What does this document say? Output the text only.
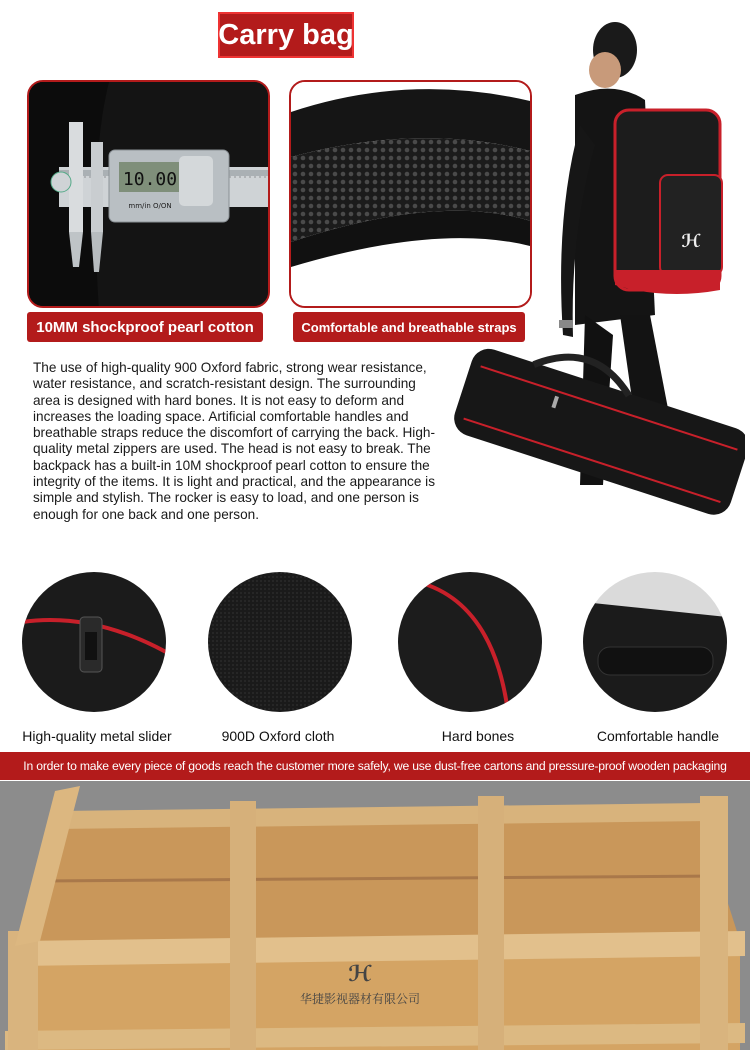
Carry bag
10.00
mm/in O/ON
10MM shockproof pearl cotton	Comfortable and breathable straps
The use of high-quality 900 Oxford fabric, strong wear resistance, water resistance, and scratch-resistant design. The surrounding area is designed with hard bones. It is not easy to deform and increases the loading space. Artificial comfortable handles and breathable straps reduce the discomfort of carrying the back. High-quality metal zippers are used. The head is not easy to break. The backpack has a built-in 10M shockproof pearl cotton to ensure the integrity of the items. It is light and practical, and the appearance is simple and stylish. The rocker is easy to load, and one person is enough for one back and one person.
ℋ
High-quality metal slider	900D Oxford cloth	Hard bones	Comfortable handle
In order to make every piece of goods reach the customer more safely, we use dust-free cartons and pressure-proof wooden packaging
华捷影视器材有限公司
ℋ
